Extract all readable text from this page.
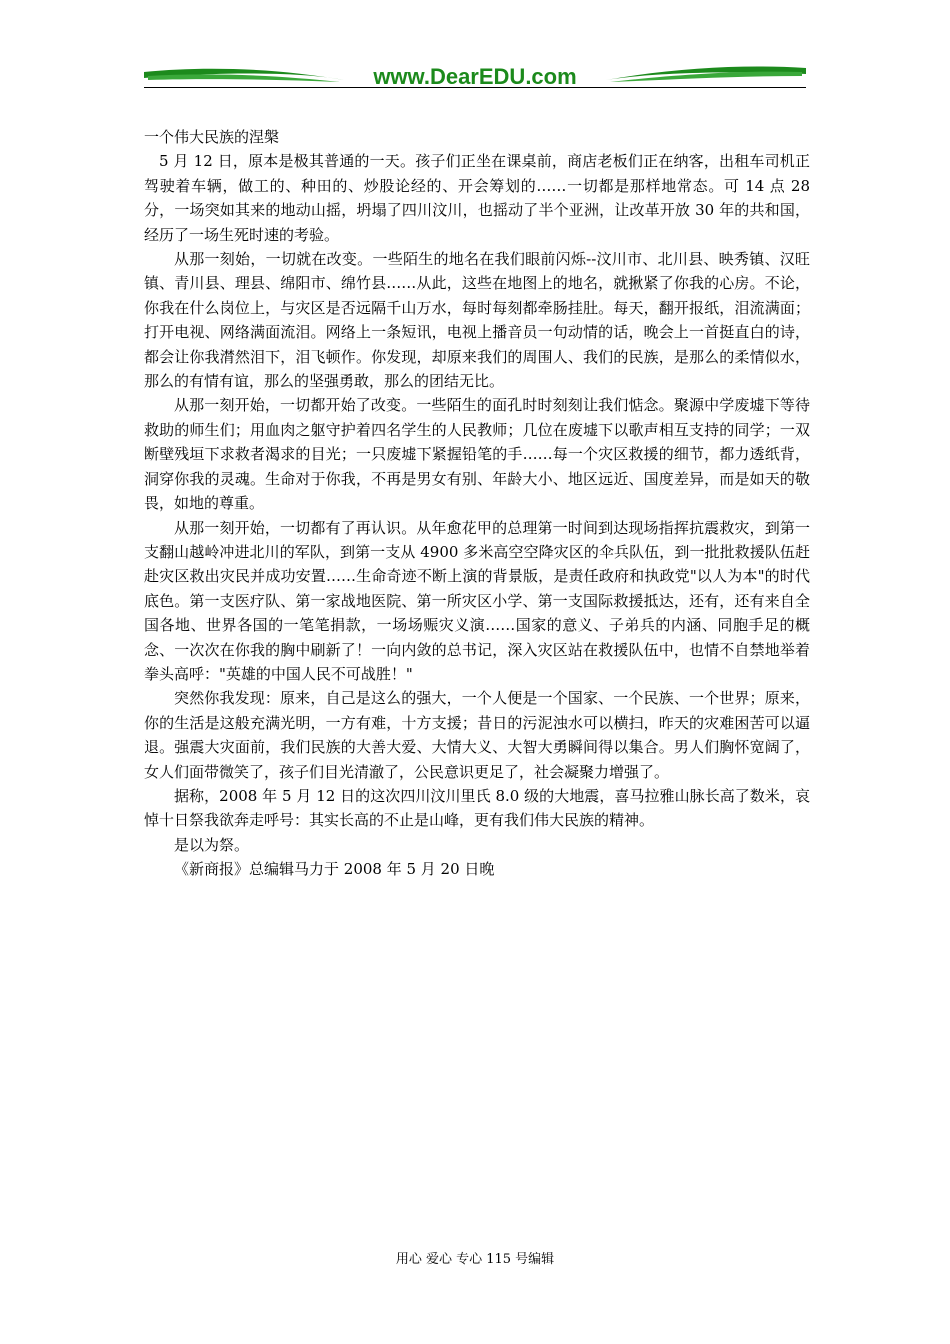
www.DearEDU.com

一个伟大民族的涅槃

5 月 12 日，原本是极其普通的一天。孩子们正坐在课桌前，商店老板们正在纳客，出租车司机正驾驶着车辆，做工的、种田的、炒股论经的、开会筹划的……一切都是那样地常态。可 14 点 28 分，一场突如其来的地动山摇，坍塌了四川汶川，也摇动了半个亚洲，让改革开放 30 年的共和国，经历了一场生死时速的考验。

从那一刻始，一切就在改变。一些陌生的地名在我们眼前闪烁--汶川市、北川县、映秀镇、汉旺镇、青川县、理县、绵阳市、绵竹县……从此，这些在地图上的地名，就揪紧了你我的心房。不论，你我在什么岗位上，与灾区是否远隔千山万水，每时每刻都牵肠挂肚。每天，翻开报纸，泪流满面；打开电视、网络满面流泪。网络上一条短讯，电视上播音员一句动情的话，晚会上一首挺直白的诗，都会让你我潸然泪下，泪飞顿作。你发现，却原来我们的周围人、我们的民族，是那么的柔情似水，那么的有情有谊，那么的坚强勇敢，那么的团结无比。

从那一刻开始，一切都开始了改变。一些陌生的面孔时时刻刻让我们惦念。聚源中学废墟下等待救助的师生们；用血肉之躯守护着四名学生的人民教师；几位在废墟下以歌声相互支持的同学；一双断壁残垣下求救者渴求的目光；一只废墟下紧握铅笔的手……每一个灾区救援的细节，都力透纸背，洞穿你我的灵魂。生命对于你我，不再是男女有别、年龄大小、地区远近、国度差异，而是如天的敬畏，如地的尊重。

从那一刻开始，一切都有了再认识。从年愈花甲的总理第一时间到达现场指挥抗震救灾，到第一支翻山越岭冲进北川的军队，到第一支从 4900 多米高空空降灾区的伞兵队伍，到一批批救援队伍赶赴灾区救出灾民并成功安置……生命奇迹不断上演的背景版，是责任政府和执政党"以人为本"的时代底色。第一支医疗队、第一家战地医院、第一所灾区小学、第一支国际救援抵达，还有，还有来自全国各地、世界各国的一笔笔捐款，一场场赈灾义演……国家的意义、子弟兵的内涵、同胞手足的概念、一次次在你我的胸中刷新了！一向内敛的总书记，深入灾区站在救援队伍中，也情不自禁地举着拳头高呼："英雄的中国人民不可战胜！"

突然你我发现：原来，自己是这么的强大，一个人便是一个国家、一个民族、一个世界；原来，你的生活是这般充满光明，一方有难，十方支援；昔日的污泥浊水可以横扫，昨天的灾难困苦可以逼退。强震大灾面前，我们民族的大善大爱、大情大义、大智大勇瞬间得以集合。男人们胸怀宽阔了，女人们面带微笑了，孩子们目光清澈了，公民意识更足了，社会凝聚力增强了。

据称，2008 年 5 月 12 日的这次四川汶川里氏 8.0 级的大地震，喜马拉雅山脉长高了数米，哀悼十日祭我欲奔走呼号：其实长高的不止是山峰，更有我们伟大民族的精神。

是以为祭。

《新商报》总编辑马力于 2008 年 5 月 20 日晚

用心 爱心 专心 115 号编辑
